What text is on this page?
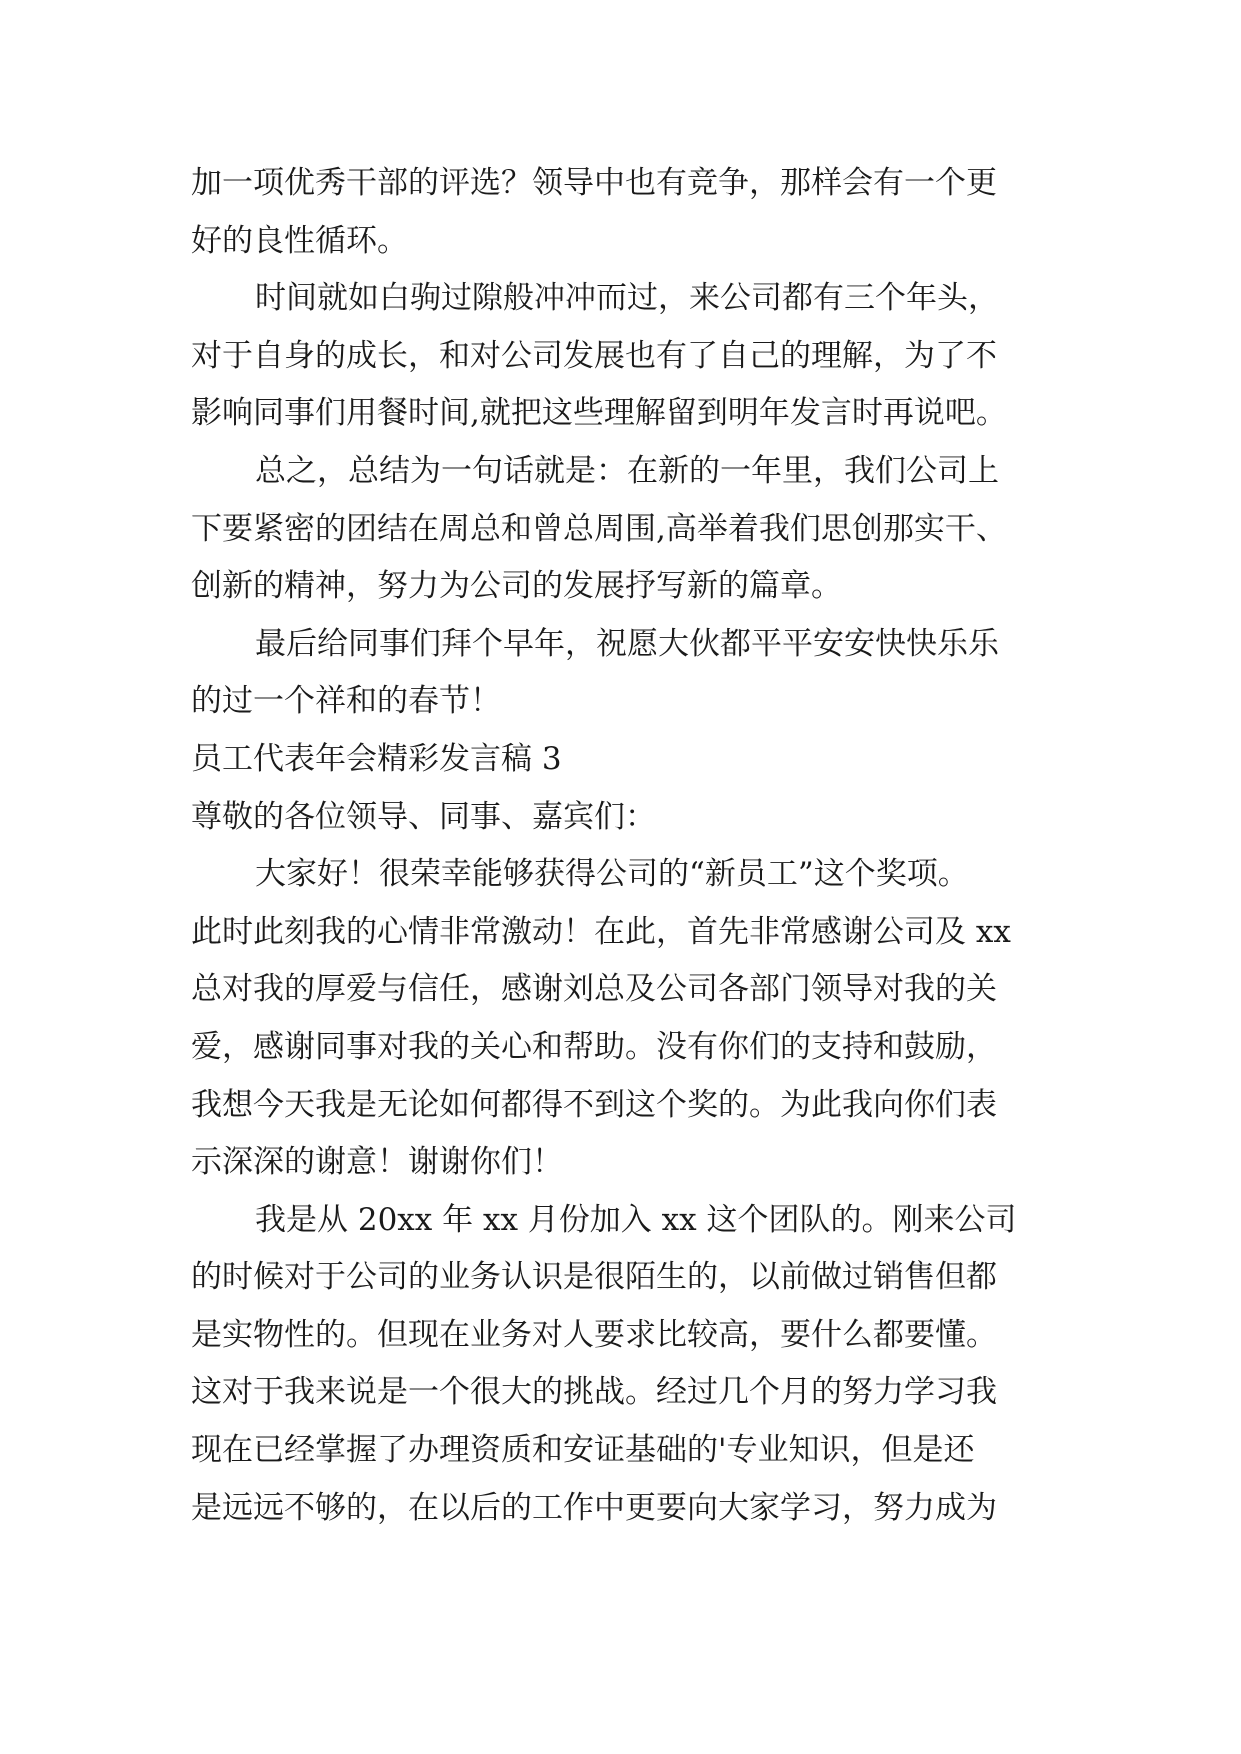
加一项优秀干部的评选？领导中也有竞争，那样会有一个更
好的良性循环。
时间就如白驹过隙般冲冲而过，来公司都有三个年头，
对于自身的成长，和对公司发展也有了自己的理解，为了不
影响同事们用餐时间,就把这些理解留到明年发言时再说吧。
总之，总结为一句话就是：在新的一年里，我们公司上
下要紧密的团结在周总和曾总周围,高举着我们思创那实干、
创新的精神，努力为公司的发展抒写新的篇章。
最后给同事们拜个早年，祝愿大伙都平平安安快快乐乐
的过一个祥和的春节！
员工代表年会精彩发言稿 3
尊敬的各位领导、同事、嘉宾们：
大家好！很荣幸能够获得公司的“新员工”这个奖项。
此时此刻我的心情非常激动！在此，首先非常感谢公司及 xx
总对我的厚爱与信任，感谢刘总及公司各部门领导对我的关
爱，感谢同事对我的关心和帮助。没有你们的支持和鼓励，
我想今天我是无论如何都得不到这个奖的。为此我向你们表
示深深的谢意！谢谢你们！
我是从 20xx 年 xx 月份加入 xx 这个团队的。刚来公司
的时候对于公司的业务认识是很陌生的，以前做过销售但都
是实物性的。但现在业务对人要求比较高，要什么都要懂。
这对于我来说是一个很大的挑战。经过几个月的努力学习我
现在已经掌握了办理资质和安证基础的'专业知识，但是还
是远远不够的，在以后的工作中更要向大家学习，努力成为
